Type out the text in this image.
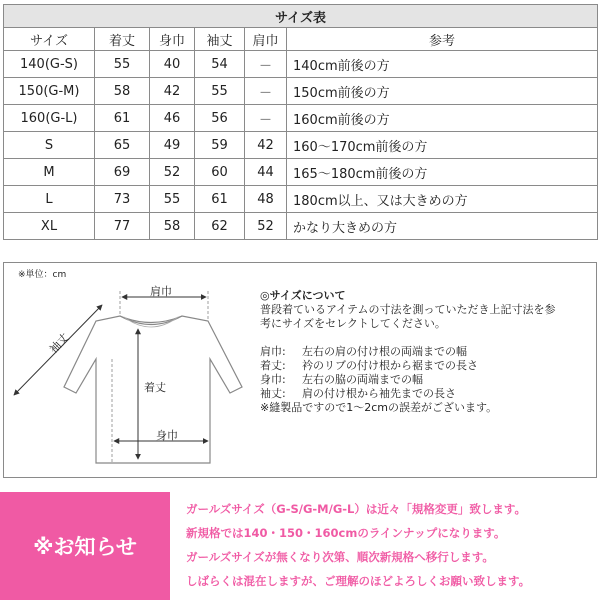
サイズ表					
サイズ	着丈	身巾	袖丈	肩巾	参考
140(G-S)	55	40	54	－	140cm前後の方
150(G-M)	58	42	55	－	150cm前後の方
160(G-L)	61	46	56	－	160cm前後の方
S	65	49	59	42	160～170cm前後の方
M	69	52	60	44	165～180cm前後の方
L	73	55	61	48	180cm以上、又は大きめの方
XL	77	58	62	52	かなり大きめの方
※単位：cm
肩巾
袖丈
着丈
身巾
◎サイズについて

普段着ているアイテムの寸法を測っていただき上記寸法を参

考にサイズをセレクトしてください。

肩巾:	左右の肩の付け根の両端までの幅
着丈:	衿のリブの付け根から裾までの長さ
身巾:	左右の脇の両端までの幅
袖丈:	肩の付け根から袖先までの長さ

※縫製品ですので1～2cmの誤差がございます。

※お知らせ
ガールズサイズ（G-S/G-M/G-L）は近々「規格変更」致します。
新規格では140・150・160cmのラインナップになります。
ガールズサイズが無くなり次第、順次新規格へ移行します。
しばらくは混在しますが、ご理解のほどよろしくお願い致します。
